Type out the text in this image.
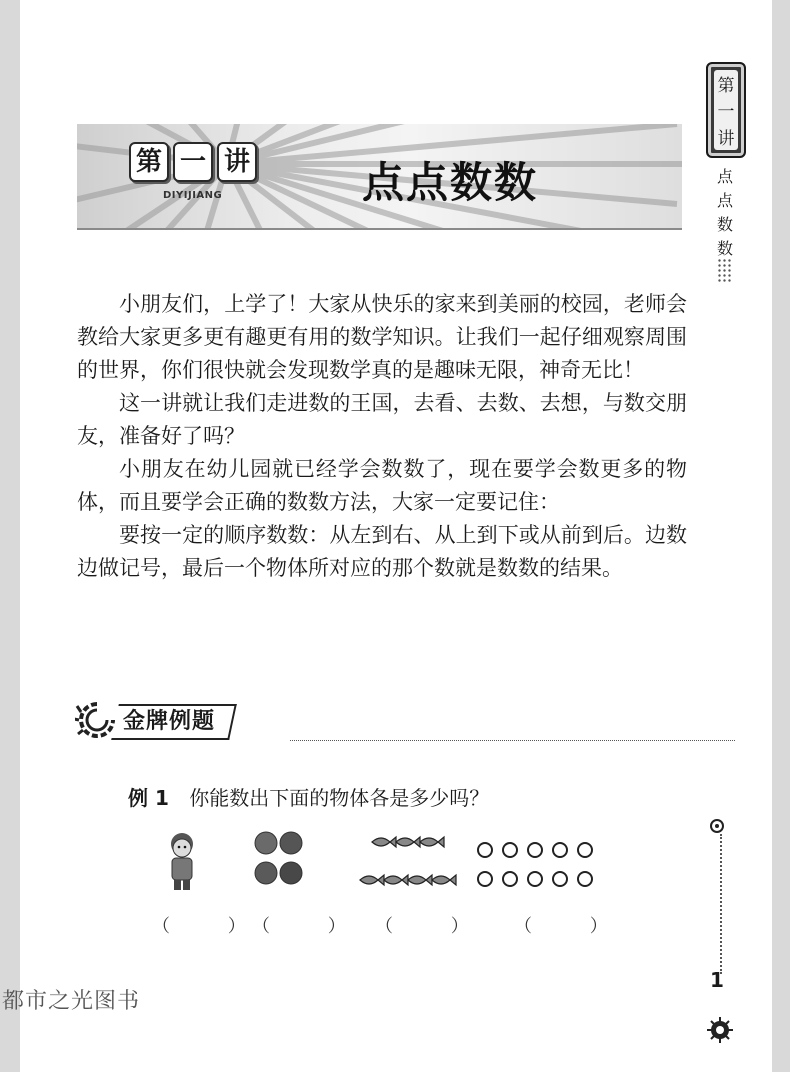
第 一 讲
DIYIJIANG	点点数数
第
一
讲
点
点
数
数

小朋友们，上学了！大家从快乐的家来到美丽的校园，老师会教给大家更多更有趣更有用的数学知识。让我们一起仔细观察周围的世界，你们很快就会发现数学真的是趣味无限，神奇无比！

这一讲就让我们走进数的王国，去看、去数、去想，与数交朋友，准备好了吗？

小朋友在幼儿园就已经学会数数了，现在要学会数更多的物体，而且要学会正确的数数方法，大家一定要记住：

要按一定的顺序数数：从左到右、从上到下或从前到后。边数边做记号，最后一个物体所对应的那个数就是数数的结果。

金牌例题
例 1 你能数出下面的物体各是多少吗？
（ ）
（ ） （ ） （ ）
1
都市之光图书
